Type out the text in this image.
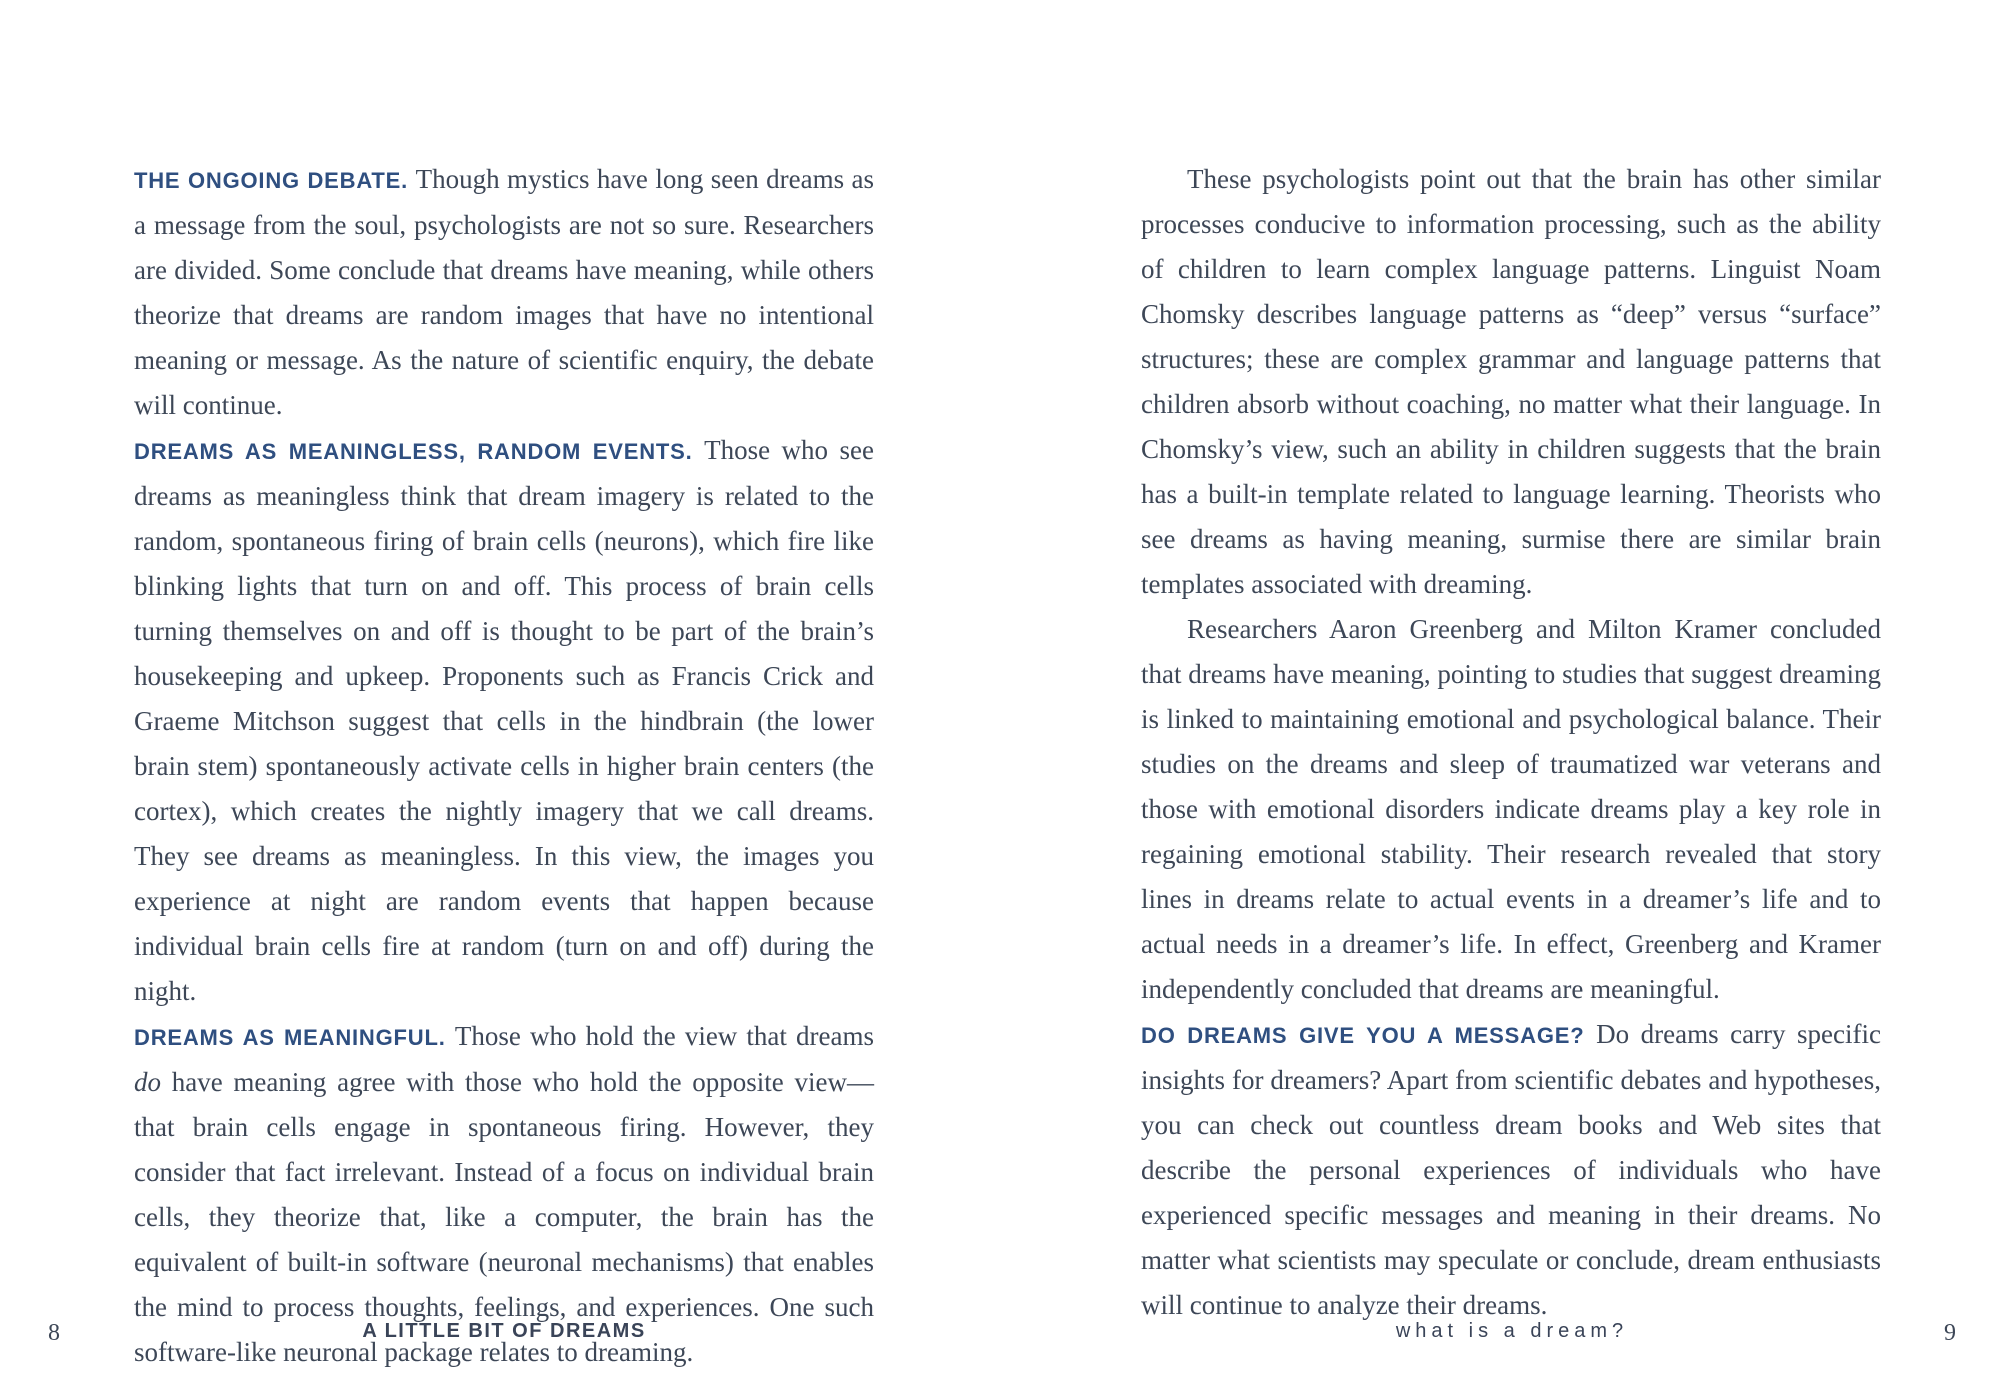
THE ONGOING DEBATE. Though mystics have long seen dreams as a message from the soul, psychologists are not so sure. Researchers are divided. Some conclude that dreams have meaning, while others theorize that dreams are random images that have no intentional meaning or message. As the nature of scientific enquiry, the debate will continue.

DREAMS AS MEANINGLESS, RANDOM EVENTS. Those who see dreams as meaningless think that dream imagery is related to the random, spontaneous firing of brain cells (neurons), which fire like blinking lights that turn on and off. This process of brain cells turning themselves on and off is thought to be part of the brain’s housekeeping and upkeep. Proponents such as Francis Crick and Graeme Mitchson suggest that cells in the hindbrain (the lower brain stem) spontaneously activate cells in higher brain centers (the cortex), which creates the nightly imagery that we call dreams. They see dreams as meaningless. In this view, the images you experience at night are random events that happen because individual brain cells fire at random (turn on and off) during the night.

DREAMS AS MEANINGFUL. Those who hold the view that dreams do have meaning agree with those who hold the opposite view—that brain cells engage in spontaneous firing. However, they consider that fact irrelevant. Instead of a focus on individual brain cells, they theorize that, like a computer, the brain has the equivalent of built-in software (neuronal mechanisms) that enables the mind to process thoughts, feelings, and experiences. One such software-like neuronal package relates to dreaming.

These psychologists point out that the brain has other similar processes conducive to information processing, such as the ability of children to learn complex language patterns. Linguist Noam Chomsky describes language patterns as “deep” versus “surface” structures; these are complex grammar and language patterns that children absorb without coaching, no matter what their language. In Chomsky’s view, such an ability in children suggests that the brain has a built-in template related to language learning. Theorists who see dreams as having meaning, surmise there are similar brain templates associated with dreaming.

Researchers Aaron Greenberg and Milton Kramer concluded that dreams have meaning, pointing to studies that suggest dreaming is linked to maintaining emotional and psychological balance. Their studies on the dreams and sleep of traumatized war veterans and those with emotional disorders indicate dreams play a key role in regaining emotional stability. Their research revealed that story lines in dreams relate to actual events in a dreamer’s life and to actual needs in a dreamer’s life. In effect, Greenberg and Kramer independently concluded that dreams are meaningful.

DO DREAMS GIVE YOU A MESSAGE? Do dreams carry specific insights for dreamers? Apart from scientific debates and hypotheses, you can check out countless dream books and Web sites that describe the personal experiences of individuals who have experienced specific messages and meaning in their dreams. No matter what scientists may speculate or conclude, dream enthusiasts will continue to analyze their dreams.

8	A LITTLE BIT OF DREAMS	what is a dream?	9
